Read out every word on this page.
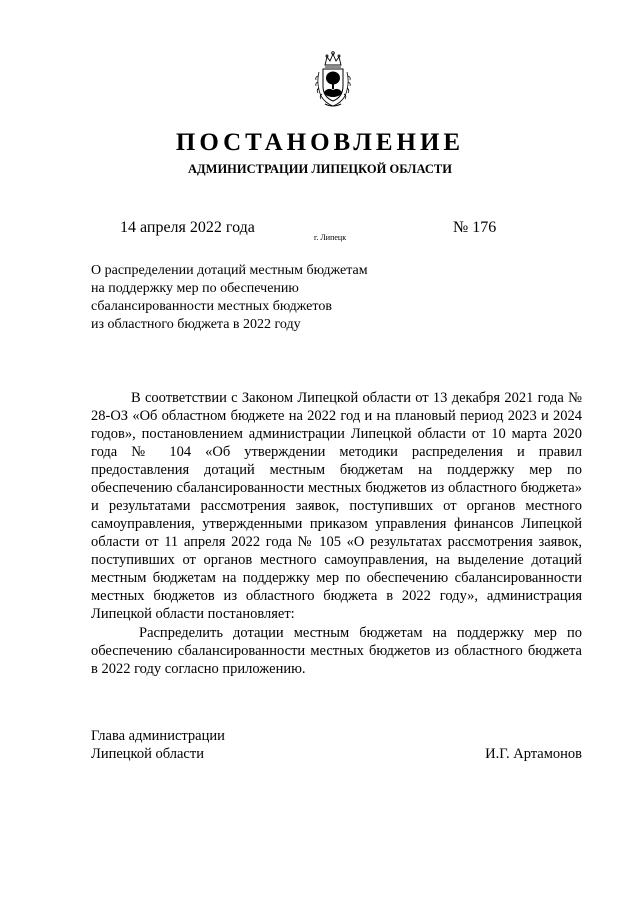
ПОСТАНОВЛЕНИЕ
АДМИНИСТРАЦИИ ЛИПЕЦКОЙ ОБЛАСТИ
14 апреля 2022 года
г. Липецк
№ 176
О распределении дотаций местным бюджетам
на поддержку мер по обеспечению
сбалансированности местных бюджетов
из областного бюджета в 2022 году
В соответствии с Законом Липецкой области от 13 декабря 2021 года № 28-ОЗ «Об областном бюджете на 2022 год и на плановый период 2023 и 2024 годов», постановлением администрации Липецкой области от 10 марта 2020 года № 104 «Об утверждении методики распределения и правил предоставления дотаций местным бюджетам на поддержку мер по обеспечению сбалансированности местных бюджетов из областного бюджета» и результатами рассмотрения заявок, поступивших от органов местного самоуправления, утвержденными приказом управления финансов Липецкой области от 11 апреля 2022 года № 105 «О результатах рассмотрения заявок, поступивших от органов местного самоуправления, на выделение дотаций местным бюджетам на поддержку мер по обеспечению сбалансированности местных бюджетов из областного бюджета в 2022 году», администрация Липецкой области постановляет:
Распределить дотации местным бюджетам на поддержку мер по обеспечению сбалансированности местных бюджетов из областного бюджета в 2022 году согласно приложению.
Глава администрации
Липецкой области	И.Г. Артамонов
